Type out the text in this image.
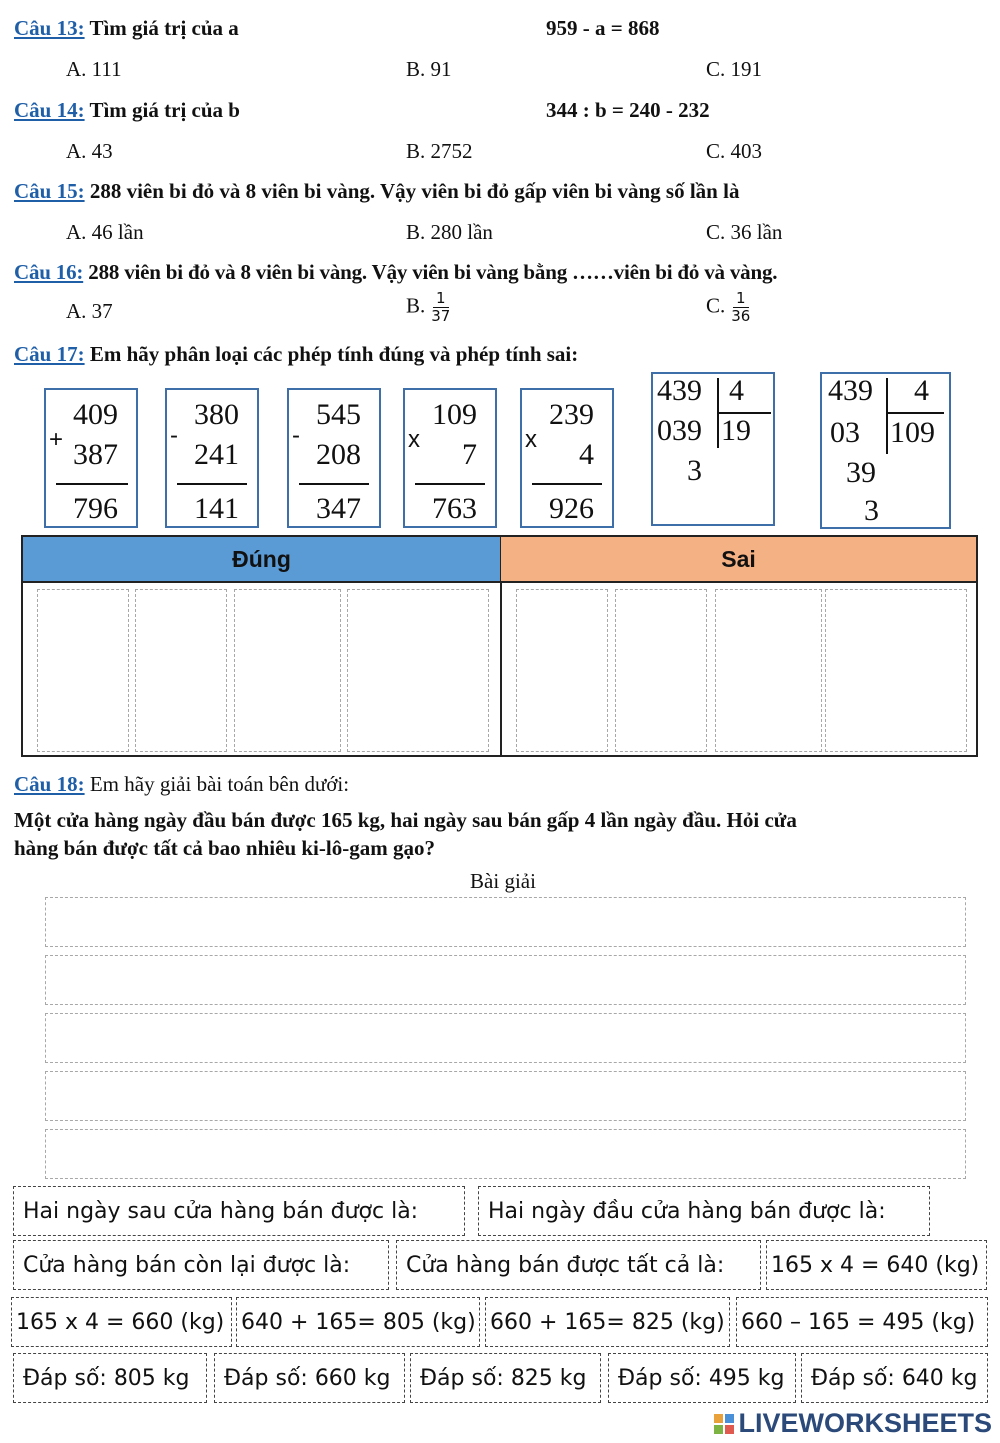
Câu 13: Tìm giá trị của a	959 - a = 868
A. 111	B. 91	C. 191
Câu 14: Tìm giá trị của b	344 : b = 240 - 232
A. 43	B. 2752	C. 403
Câu 15: 288 viên bi đỏ và 8 viên bi vàng. Vậy viên bi đỏ gấp viên bi vàng số lần là
A. 46 lần	B. 280 lần	C. 36 lần
Câu 16: 288 viên bi đỏ và 8 viên bi vàng. Vậy viên bi vàng bằng ……viên bi đỏ và vàng.
A. 37	B. $\frac{1}{37}$	C. $\frac{1}{36}$
Câu 17: Em hãy phân loại các phép tính đúng và phép tính sai:
+
409
387
796
-
380
241
141
-
545
208
347
x
109
7
763
x
239
4
926
439 4
039 19
3
439 4
03 109
39
3
Đúng	Sai
Câu 18: Em hãy giải bài toán bên dưới:
Một cửa hàng ngày đầu bán được 165 kg, hai ngày sau bán gấp 4 lần ngày đầu. Hỏi cửa
hàng bán được tất cả bao nhiêu ki-lô-gam gạo?
Bài giải
Hai ngày sau cửa hàng bán được là:	Hai ngày đầu cửa hàng bán được là:
Cửa hàng bán còn lại được là:	Cửa hàng bán được tất cả là:	165 x 4 = 640 (kg)
165 x 4 = 660 (kg) 640 + 165= 805 (kg) 660 + 165= 825 (kg) 660 – 165 = 495 (kg)
Đáp số: 805 kg	Đáp số: 660 kg	Đáp số: 825 kg	Đáp số: 495 kg	Đáp số: 640 kg
LIVEWORKSHEETS
